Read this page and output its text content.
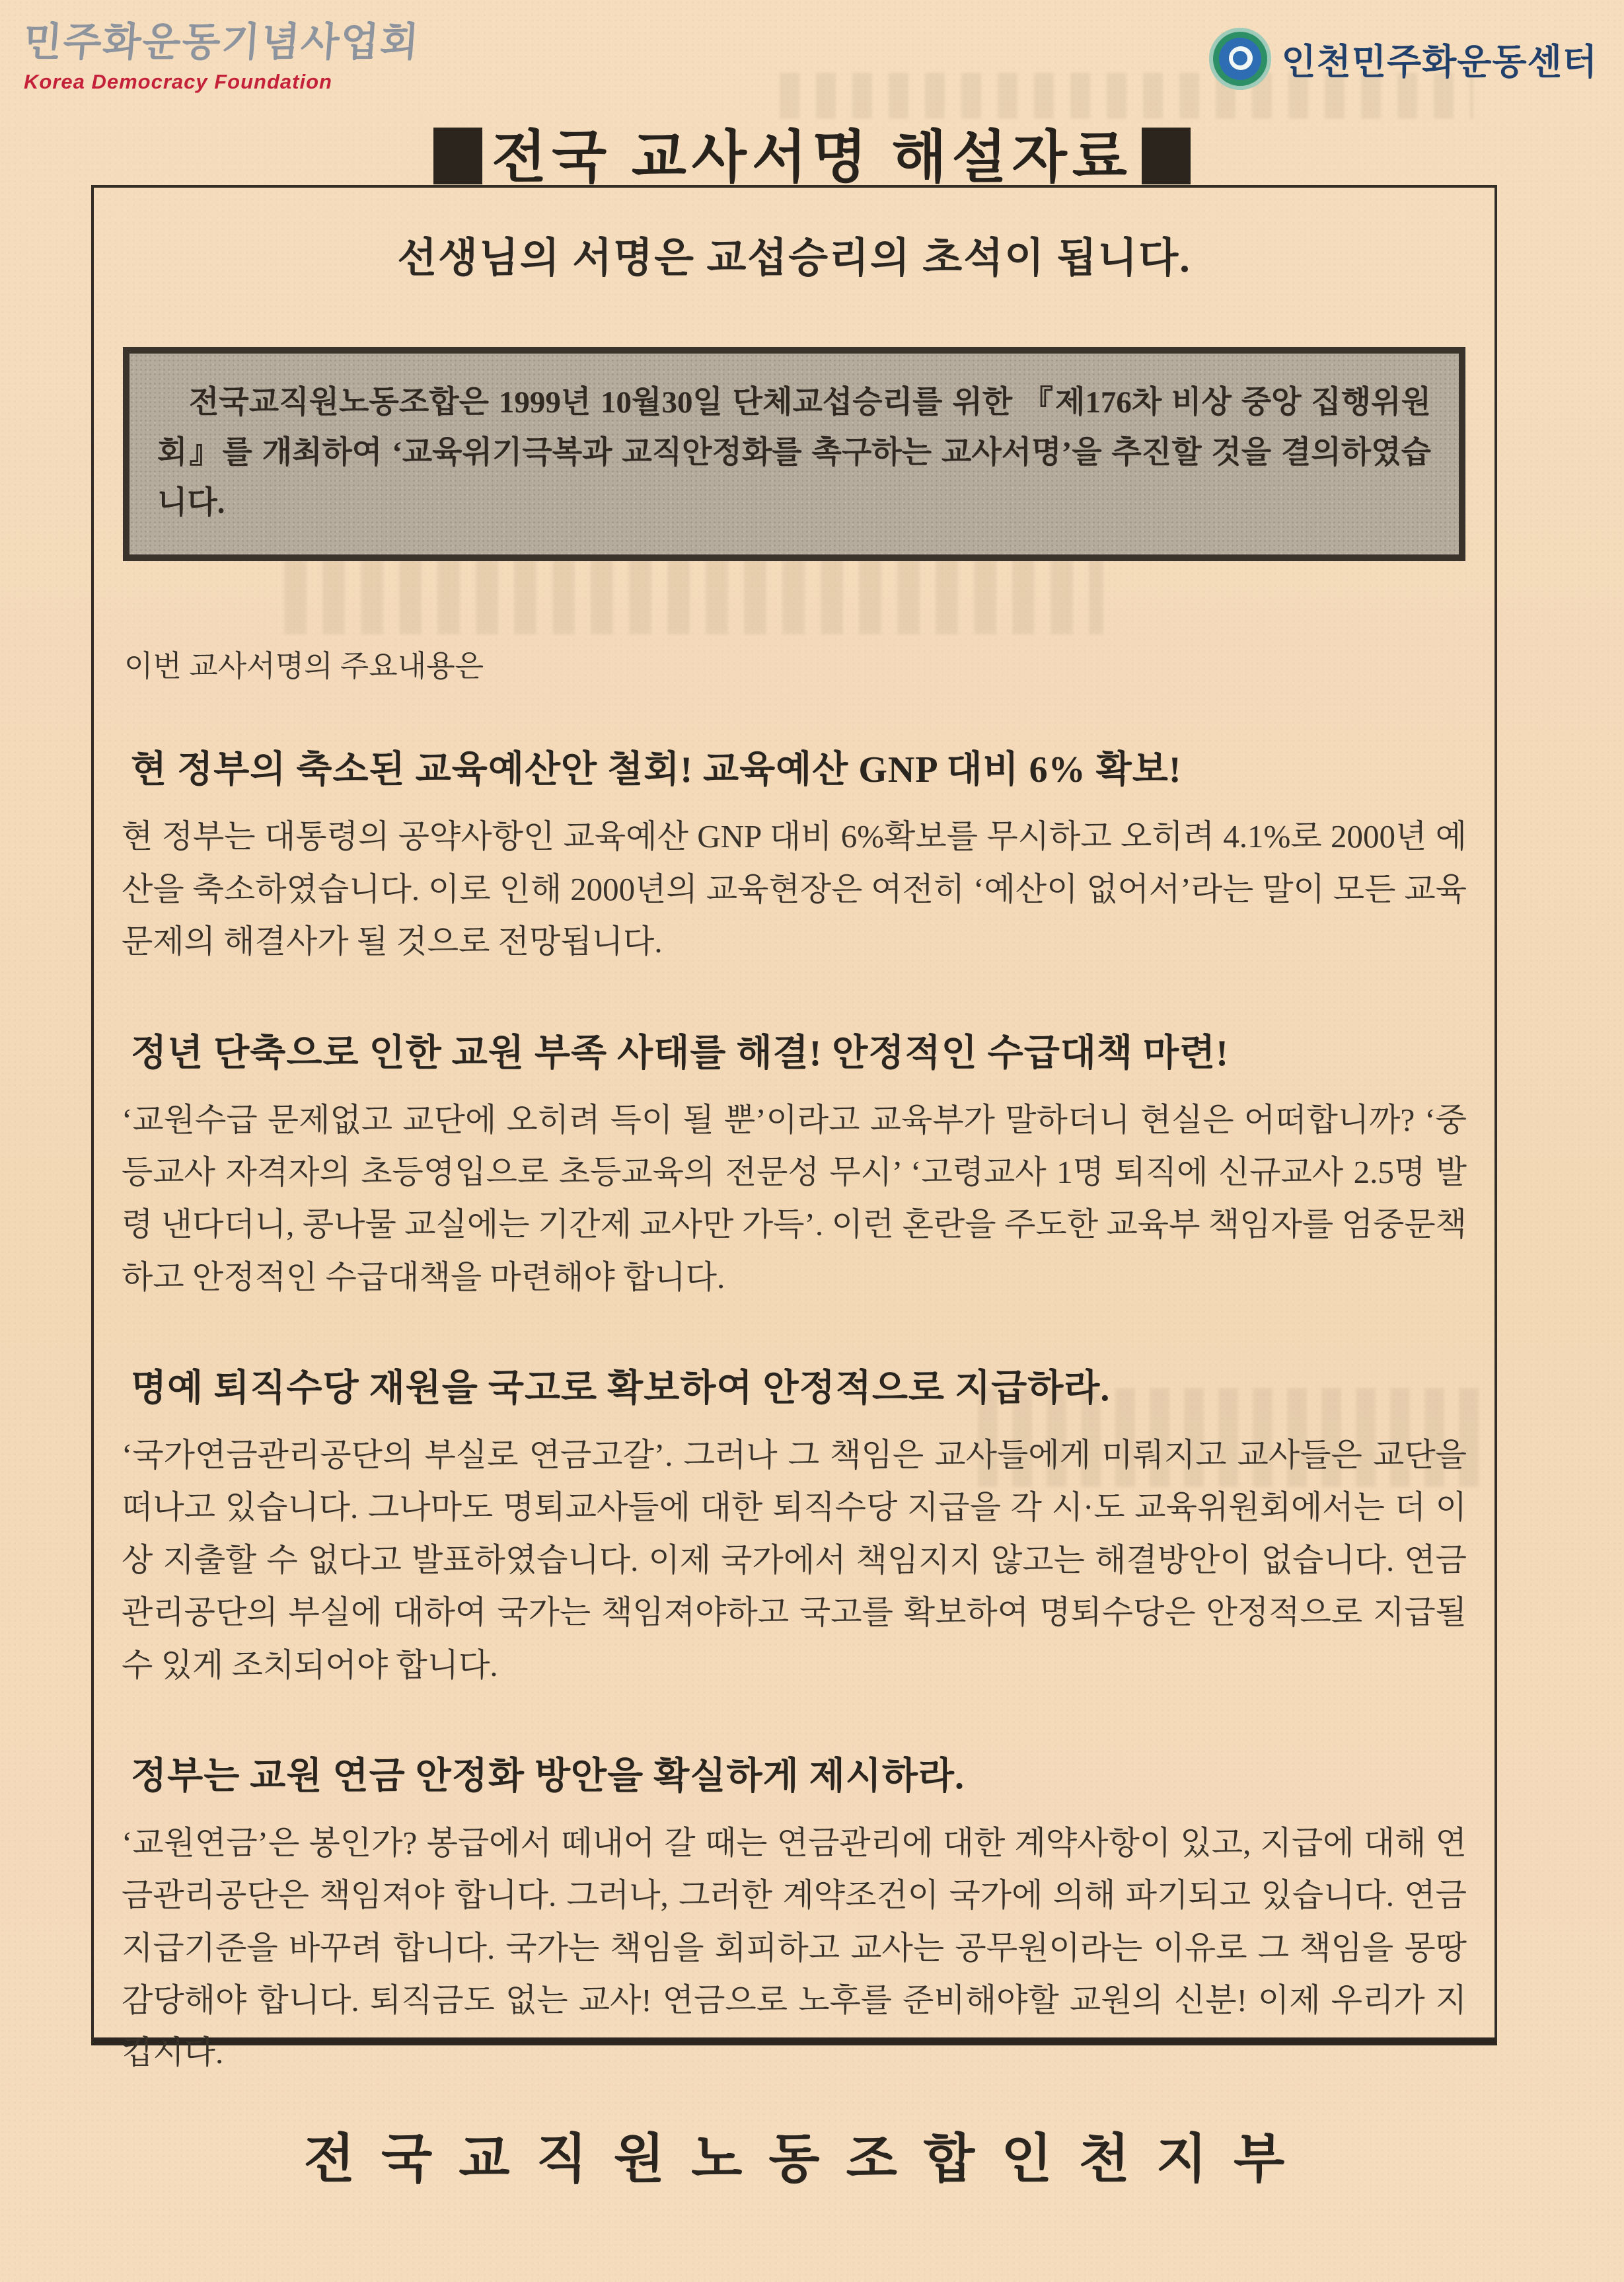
민주화운동기념사업회
Korea Democracy Foundation	인천민주화운동센터
전국 교사서명 해설자료
선생님의 서명은 교섭승리의 초석이 됩니다.
전국교직원노동조합은 1999년 10월30일 단체교섭승리를 위한 『제176차 비상 중앙 집행위원회』를 개최하여 ‘교육위기극복과 교직안정화를 촉구하는 교사서명’을 추진할 것을 결의하였습니다.
이번 교사서명의 주요내용은
현 정부의 축소된 교육예산안 철회! 교육예산 GNP 대비 6% 확보!
현 정부는 대통령의 공약사항인 교육예산 GNP 대비 6%확보를 무시하고 오히려 4.1%로 2000년 예산을 축소하였습니다. 이로 인해 2000년의 교육현장은 여전히 ‘예산이 없어서’라는 말이 모든 교육문제의 해결사가 될 것으로 전망됩니다.
정년 단축으로 인한 교원 부족 사태를 해결! 안정적인 수급대책 마련!
‘교원수급 문제없고 교단에 오히려 득이 될 뿐’이라고 교육부가 말하더니 현실은 어떠합니까? ‘중등교사 자격자의 초등영입으로 초등교육의 전문성 무시’ ‘고령교사 1명 퇴직에 신규교사 2.5명 발령 낸다더니, 콩나물 교실에는 기간제 교사만 가득’. 이런 혼란을 주도한 교육부 책임자를 엄중문책하고 안정적인 수급대책을 마련해야 합니다.
명예 퇴직수당 재원을 국고로 확보하여 안정적으로 지급하라.
‘국가연금관리공단의 부실로 연금고갈’. 그러나 그 책임은 교사들에게 미뤄지고 교사들은 교단을 떠나고 있습니다. 그나마도 명퇴교사들에 대한 퇴직수당 지급을 각 시·도 교육위원회에서는 더 이상 지출할 수 없다고 발표하였습니다. 이제 국가에서 책임지지 않고는 해결방안이 없습니다. 연금관리공단의 부실에 대하여 국가는 책임져야하고 국고를 확보하여 명퇴수당은 안정적으로 지급될 수 있게 조치되어야 합니다.
정부는 교원 연금 안정화 방안을 확실하게 제시하라.
‘교원연금’은 봉인가? 봉급에서 떼내어 갈 때는 연금관리에 대한 계약사항이 있고, 지급에 대해 연금관리공단은 책임져야 합니다. 그러나, 그러한 계약조건이 국가에 의해 파기되고 있습니다. 연금지급기준을 바꾸려 합니다. 국가는 책임을 회피하고 교사는 공무원이라는 이유로 그 책임을 몽땅 감당해야 합니다. 퇴직금도 없는 교사! 연금으로 노후를 준비해야할 교원의 신분! 이제 우리가 지킵시다.
전국교직원노동조합인천지부
